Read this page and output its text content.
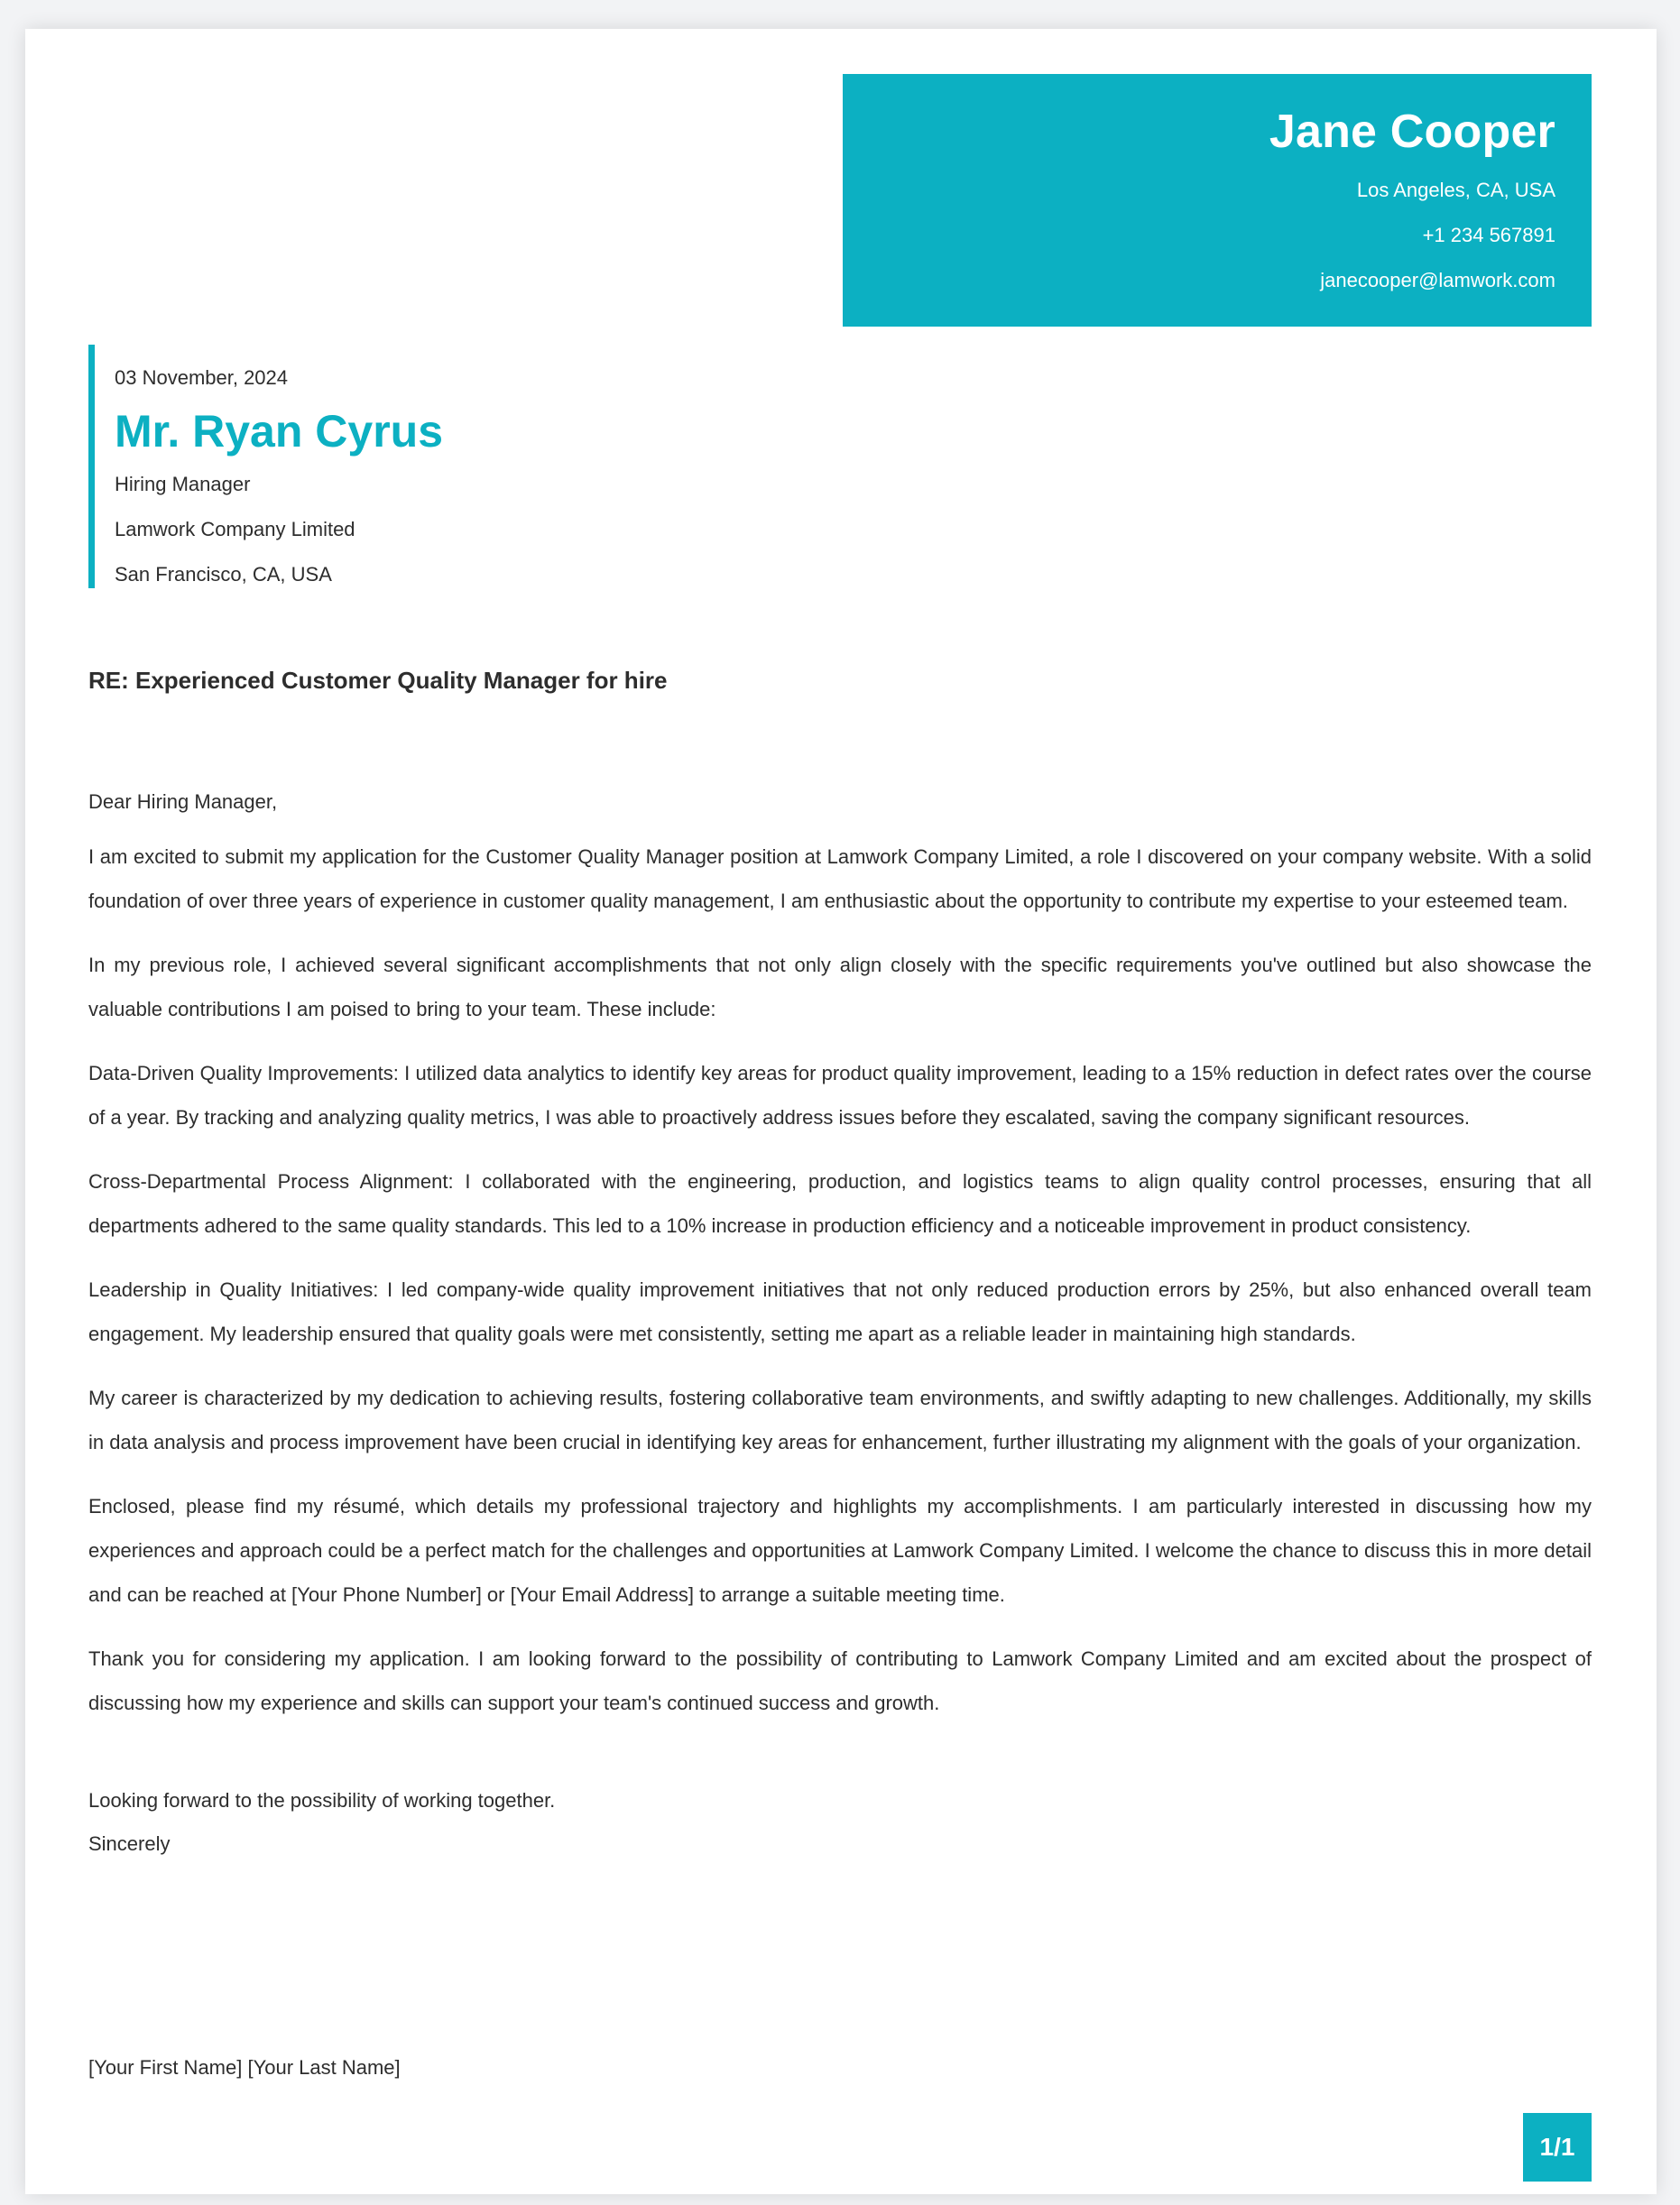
Jane Cooper
Los Angeles, CA, USA
+1 234 567891
janecooper@lamwork.com
03 November, 2024
Mr. Ryan Cyrus
Hiring Manager
Lamwork Company Limited
San Francisco, CA, USA
RE: Experienced Customer Quality Manager for hire

Dear Hiring Manager,

I am excited to submit my application for the Customer Quality Manager position at Lamwork Company Limited, a role I discovered on your company website. With a solid foundation of over three years of experience in customer quality management, I am enthusiastic about the opportunity to contribute my expertise to your esteemed team.

In my previous role, I achieved several significant accomplishments that not only align closely with the specific requirements you've outlined but also showcase the valuable contributions I am poised to bring to your team. These include:

Data-Driven Quality Improvements: I utilized data analytics to identify key areas for product quality improvement, leading to a 15% reduction in defect rates over the course of a year. By tracking and analyzing quality metrics, I was able to proactively address issues before they escalated, saving the company significant resources.

Cross-Departmental Process Alignment: I collaborated with the engineering, production, and logistics teams to align quality control processes, ensuring that all departments adhered to the same quality standards. This led to a 10% increase in production efficiency and a noticeable improvement in product consistency.

Leadership in Quality Initiatives: I led company-wide quality improvement initiatives that not only reduced production errors by 25%, but also enhanced overall team engagement. My leadership ensured that quality goals were met consistently, setting me apart as a reliable leader in maintaining high standards.

My career is characterized by my dedication to achieving results, fostering collaborative team environments, and swiftly adapting to new challenges. Additionally, my skills in data analysis and process improvement have been crucial in identifying key areas for enhancement, further illustrating my alignment with the goals of your organization.

Enclosed, please find my résumé, which details my professional trajectory and highlights my accomplishments. I am particularly interested in discussing how my experiences and approach could be a perfect match for the challenges and opportunities at Lamwork Company Limited. I welcome the chance to discuss this in more detail and can be reached at [Your Phone Number] or [Your Email Address] to arrange a suitable meeting time.

Thank you for considering my application. I am looking forward to the possibility of contributing to Lamwork Company Limited and am excited about the prospect of discussing how my experience and skills can support your team's continued success and growth.

Looking forward to the possibility of working together.
Sincerely
[Your First Name] [Your Last Name]
1/1
